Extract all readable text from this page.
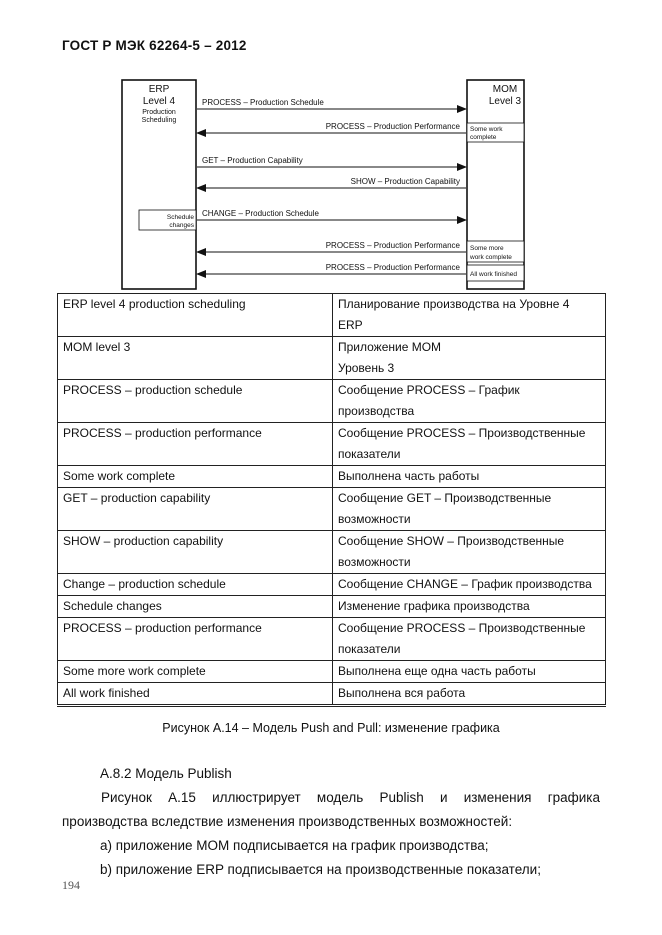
ГОСТ Р МЭК 62264-5 – 2012
ERP
Level 4
Production
Scheduling
MOM
Level 3
Some work
complete
Schedule
changes
Some more
work complete
All work finished
PROCESS – Production Schedule
PROCESS – Production Performance
GET – Production Capability
SHOW – Production Capability
CHANGE – Production Schedule
PROCESS – Production Performance
PROCESS – Production Performance
ERP level 4 production scheduling	Планирование производства на Уровне 4
ERP

MOM level 3	Приложение MOM
Уровень 3

PROCESS – production schedule	Сообщение PROCESS – График
производства

PROCESS – production performance	Сообщение PROCESS – Производственные
показатели

Some work complete	Выполнена часть работы

GET – production capability	Сообщение GET – Производственные
возможности

SHOW – production capability	Сообщение SHOW – Производственные
возможности

Change – production schedule	Сообщение CHANGE – График производства

Schedule changes	Изменение графика производства

PROCESS – production performance	Сообщение PROCESS – Производственные
показатели

Some more work complete	Выполнена еще одна часть работы

All work finished	Выполнена вся работа
Рисунок А.14 – Модель Push and Pull: изменение графика
А.8.2 Модель Publish
Рисунок А.15 иллюстрирует модель Publish и изменения графика производства вследствие изменения производственных возможностей:
a) приложение MOM подписывается на график производства;
b) приложение ERP подписывается на производственные показатели;
194
